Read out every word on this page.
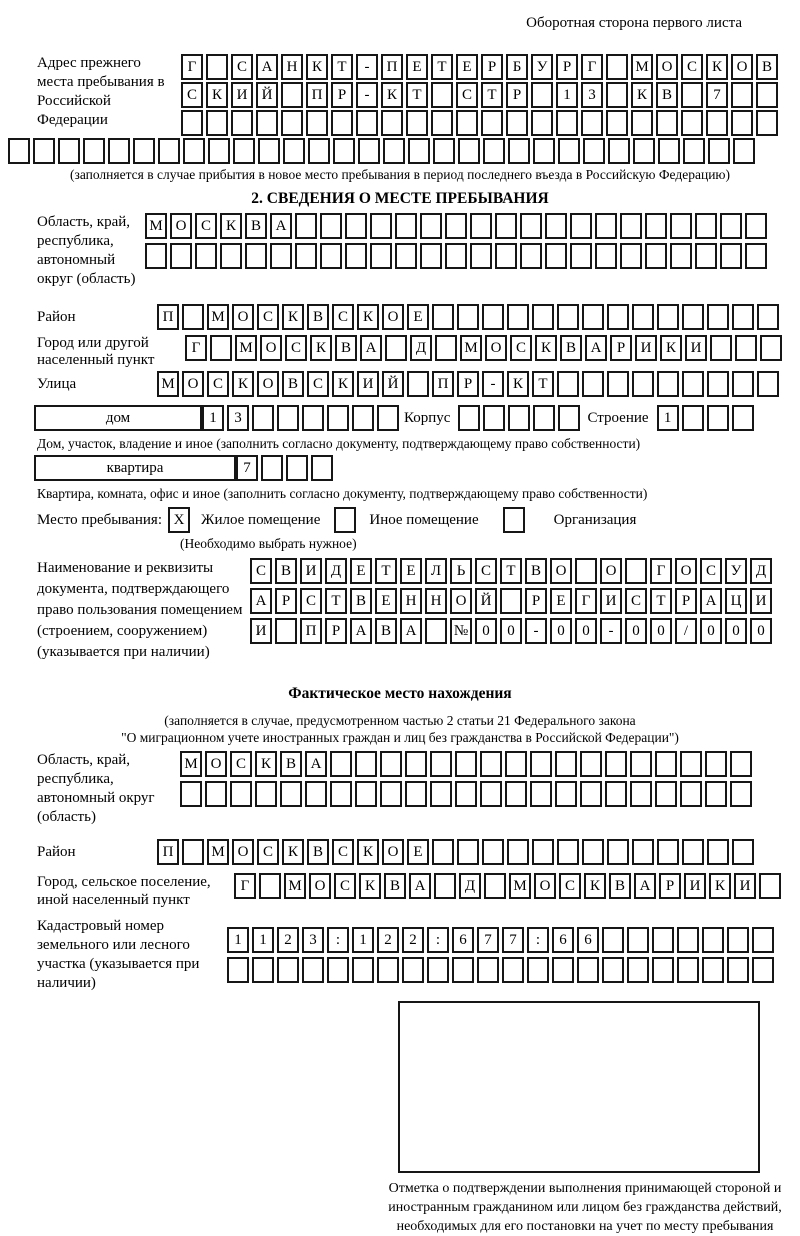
Оборотная сторона первого листа
Адрес прежнего места пребывания в Российской Федерации
Г	С А Н К	Т	-	П Е	Т	Е	Р	Б	У	Р	Г	М О С К О В
С К И Й	П	Р	-	К	Т	С	Т	Р	1	3	К В	7
(заполняется в случае прибытия в новое место пребывания в период последнего въезда в Российскую Федерацию)
2. СВЕДЕНИЯ О МЕСТЕ ПРЕБЫВАНИЯ
Область, край, республика, автономный округ (область)
М О С К В А
Район	П	М О С К В С К О Е
Город или другой населенный пункт
Г	М О С К В А	Д	М О С К В А	Р	И К И
Улица	М О С К О В С К И Й	П	Р	-	К	Т
дом	1	3	Корпус	Строение	1
Дом, участок, владение и иное (заполнить согласно документу, подтверждающему право собственности)
квартира	7
Квартира, комната, офис и иное (заполнить согласно документу, подтверждающему право собственности)
Место пребывания: X	Жилое помещение	Иное помещение	Организация
(Необходимо выбрать нужное)
Наименование и реквизиты документа, подтверждающего право пользования помещением (строением, сооружением) (указывается при наличии)
С В И Д	Е	Т	Е	Л	Ь	С	Т	В О	О	Г	О С У Д
А	Р	С	Т	В	Е	Н Н О Й	Р	Е	Г	И С	Т	Р	А Ц И
И	П	Р	А В А	№ 0	0	-	0	0	-	0	0	/	0	0	0
Фактическое место нахождения
(заполняется в случае, предусмотренном частью 2 статьи 21 Федерального закона
"О миграционном учете иностранных граждан и лиц без гражданства в Российской Федерации")
Область, край, республика, автономный округ (область)
М О С К В А
Район	П	М О С К В С К О Е
Город, сельское поселение, иной населенный пункт
Г	М О С К В А	Д	М О С К В А	Р	И К И
Кадастровый номер земельного или лесного участка (указывается при наличии)
1	1	2	3	:	1	2	2	:	6	7	7	:	6	6
Отметка о подтверждении выполнения принимающей стороной и иностранным гражданином или лицом без гражданства действий, необходимых для его постановки на учет по месту пребывания
